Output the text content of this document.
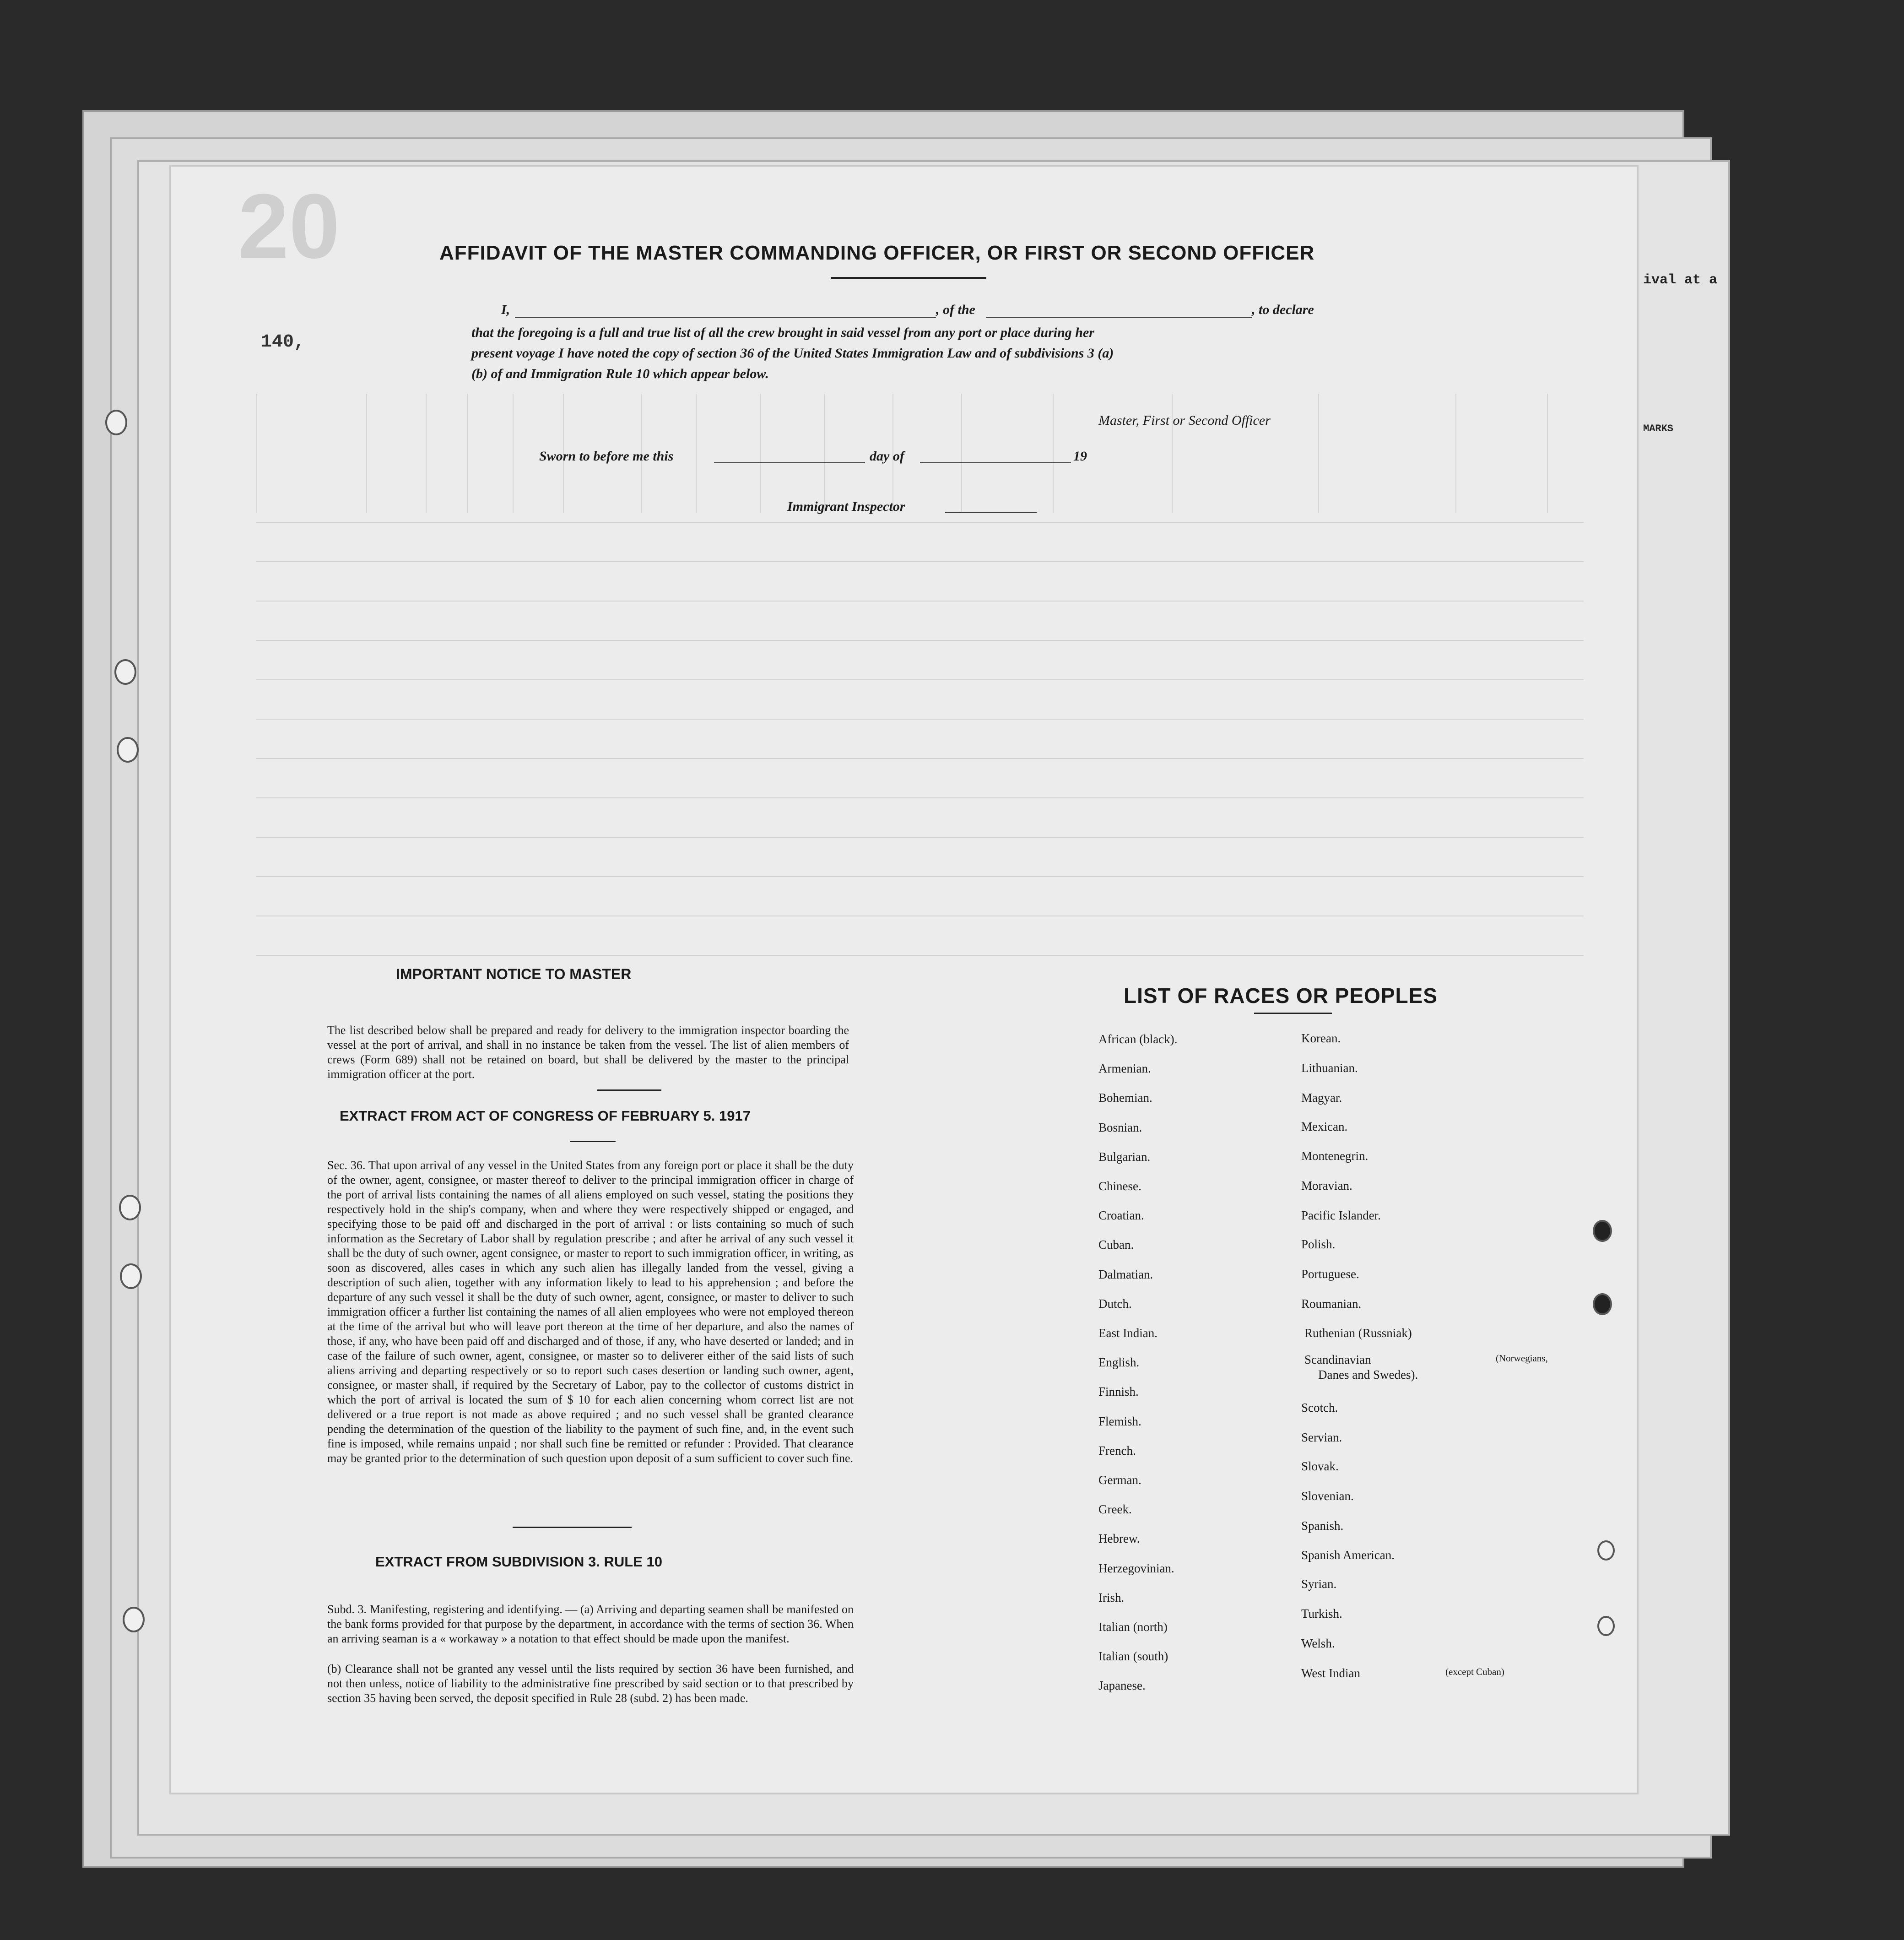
MARKS
ival at a
20
140,
AFFIDAVIT OF THE MASTER COMMANDING OFFICER, OR FIRST OR SECOND OFFICER
I,	, of the	, to declare
that the foregoing is a full and true list of all the crew brought in said vessel from any port or place during her
present voyage I have noted the copy of section 36 of the United States Immigration Law and of subdivisions 3 (a)
(b) of and Immigration Rule 10 which appear below.
Master, First or Second Officer
Sworn to before me this	day of	19
Immigrant Inspector
IMPORTANT NOTICE TO MASTER
The list described below shall be prepared and ready for delivery to the immigration inspector boarding the vessel at the port of arrival, and shall in no instance be taken from the vessel. The list of alien members of crews (Form 689) shall not be retained on board, but shall be delivered by the master to the principal immigration officer at the port.
EXTRACT FROM ACT OF CONGRESS OF FEBRUARY 5. 1917
Sec. 36. That upon arrival of any vessel in the United States from any foreign port or place it shall be the duty of the owner, agent, consignee, or master thereof to deliver to the principal immigration officer in charge of the port of arrival lists containing the names of all aliens employed on such vessel, stating the positions they respectively hold in the ship's company, when and where they were respectively shipped or engaged, and specifying those to be paid off and discharged in the port of arrival : or lists containing so much of such information as the Secretary of Labor shall by regulation prescribe ; and after he arrival of any such vessel it shall be the duty of such owner, agent consignee, or master to report to such immigration officer, in writing, as soon as discovered, alles cases in which any such alien has illegally landed from the vessel, giving a description of such alien, together with any information likely to lead to his apprehension ; and before the departure of any such vessel it shall be the duty of such owner, agent, consignee, or master to deliver to such immigration officer a further list containing the names of all alien employees who were not employed thereon at the time of the arrival but who will leave port thereon at the time of her departure, and also the names of those, if any, who have been paid off and discharged and of those, if any, who have deserted or landed; and in case of the failure of such owner, agent, consignee, or master so to deliverer either of the said lists of such aliens arriving and departing respectively or so to report such cases desertion or landing such owner, agent, consignee, or master shall, if required by the Secretary of Labor, pay to the collector of customs district in which the port of arrival is located the sum of $ 10 for each alien concerning whom correct list are not delivered or a true report is not made as above required ; and no such vessel shall be granted clearance pending the determination of the question of the liability to the payment of such fine, and, in the event such fine is imposed, while remains unpaid ; nor shall such fine be remitted or refunder : Provided. That clearance may be granted prior to the determination of such question upon deposit of a sum sufficient to cover such fine.
EXTRACT FROM SUBDIVISION 3. RULE 10
Subd. 3. Manifesting, registering and identifying. — (a) Arriving and departing seamen shall be manifested on the bank forms provided for that purpose by the department, in accordance with the terms of section 36. When an arriving seaman is a « workaway » a notation to that effect should be made upon the manifest.
(b) Clearance shall not be granted any vessel until the lists required by section 36 have been furnished, and not then unless, notice of liability to the administrative fine prescribed by said section or to that prescribed by section 35 having been served, the deposit specified in Rule 28 (subd. 2) has been made.
LIST OF RACES OR PEOPLES
African (black).
Armenian.
Bohemian.
Bosnian.
Bulgarian.
Chinese.
Croatian.
Cuban.
Dalmatian.
Dutch.
East Indian.
English.
Finnish.
Flemish.
French.
German.
Greek.
Hebrew.
Herzegovinian.
Irish.
Italian (north)
Italian (south)
Japanese.
Korean.
Lithuanian.
Magyar.
Mexican.
Montenegrin.
Moravian.
Pacific Islander.
Polish.
Portuguese.
Roumanian.
Ruthenian (Russniak)
Scandinavian
Scotch.
Servian.
Slovak.
Slovenian.
Spanish.
Spanish American.
Syrian.
Turkish.
Welsh.
West Indian
(Norwegians,
Danes and Swedes).
(except Cuban)
